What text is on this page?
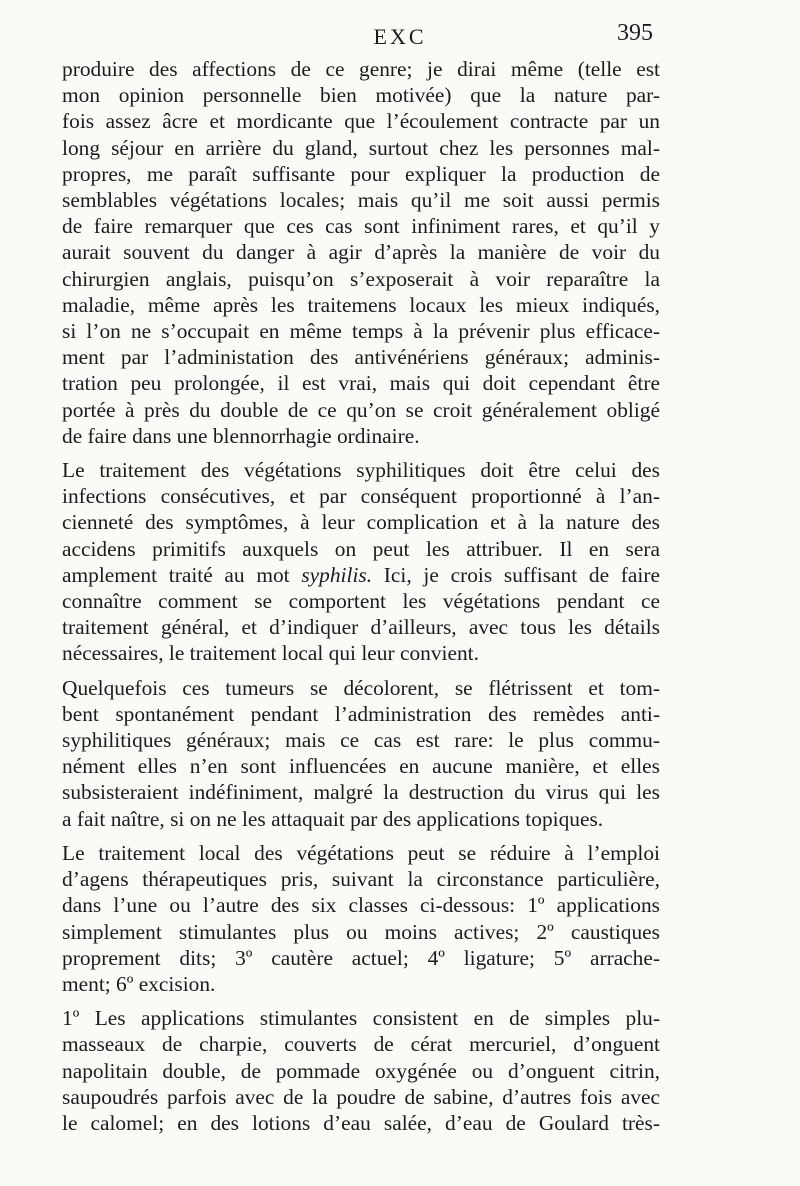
EXC	395
produire des affections de ce genre; je dirai même (telle est
mon opinion personnelle bien motivée) que la nature par-
fois assez âcre et mordicante que l’écoulement contracte par un
long séjour en arrière du gland, surtout chez les personnes mal-
propres, me paraît suffisante pour expliquer la production de
semblables végétations locales; mais qu’il me soit aussi permis
de faire remarquer que ces cas sont infiniment rares, et qu’il y
aurait souvent du danger à agir d’après la manière de voir du
chirurgien anglais, puisqu’on s’exposerait à voir reparaître la
maladie, même après les traitemens locaux les mieux indiqués,
si l’on ne s’occupait en même temps à la prévenir plus efficace-
ment par l’administation des antivénériens généraux; adminis-
tration peu prolongée, il est vrai, mais qui doit cependant être
portée à près du double de ce qu’on se croit généralement obligé
de faire dans une blennorrhagie ordinaire.
Le traitement des végétations syphilitiques doit être celui des
infections consécutives, et par conséquent proportionné à l’an-
cienneté des symptômes, à leur complication et à la nature des
accidens primitifs auxquels on peut les attribuer. Il en sera
amplement traité au mot syphilis. Ici, je crois suffisant de faire
connaître comment se comportent les végétations pendant ce
traitement général, et d’indiquer d’ailleurs, avec tous les détails
nécessaires, le traitement local qui leur convient.
Quelquefois ces tumeurs se décolorent, se flétrissent et tom-
bent spontanément pendant l’administration des remèdes anti-
syphilitiques généraux; mais ce cas est rare: le plus commu-
nément elles n’en sont influencées en aucune manière, et elles
subsisteraient indéfiniment, malgré la destruction du virus qui les
a fait naître, si on ne les attaquait par des applications topiques.
Le traitement local des végétations peut se réduire à l’emploi
d’agens thérapeutiques pris, suivant la circonstance particulière,
dans l’une ou l’autre des six classes ci-dessous: 1º applications
simplement stimulantes plus ou moins actives; 2º caustiques
proprement dits; 3º cautère actuel; 4º ligature; 5º arrache-
ment; 6º excision.
1º Les applications stimulantes consistent en de simples plu-
masseaux de charpie, couverts de cérat mercuriel, d’onguent
napolitain double, de pommade oxygénée ou d’onguent citrin,
saupoudrés parfois avec de la poudre de sabine, d’autres fois avec
le calomel; en des lotions d’eau salée, d’eau de Goulard très-
